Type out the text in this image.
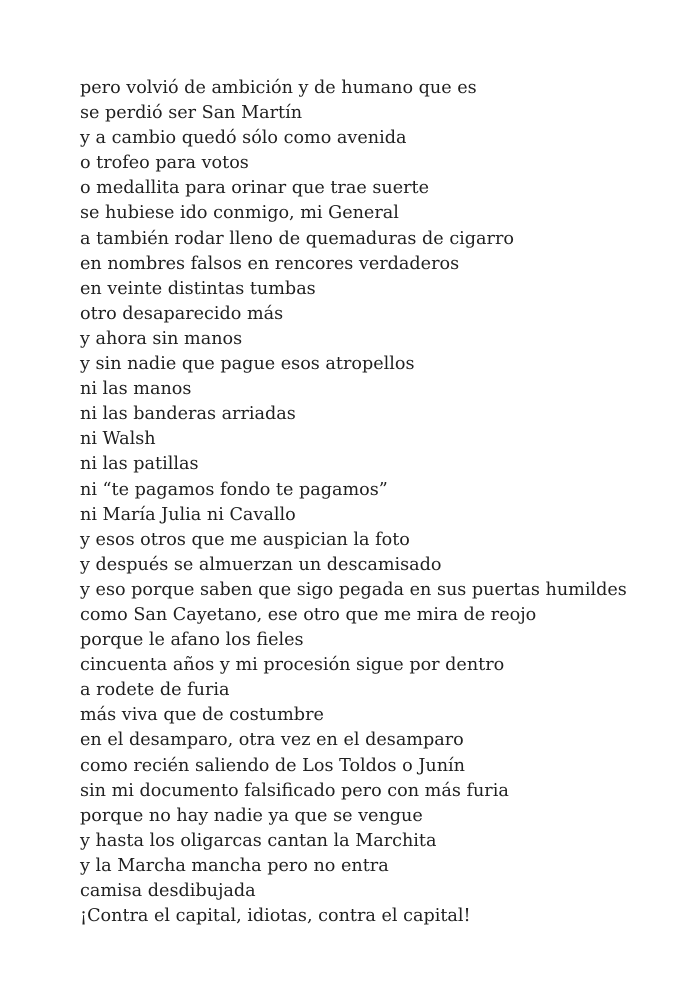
pero volvió de ambición y de humano que es
se perdió ser San Martín
y a cambio quedó sólo como avenida
o trofeo para votos
o medallita para orinar que trae suerte
se hubiese ido conmigo, mi General
a también rodar lleno de quemaduras de cigarro
en nombres falsos en rencores verdaderos
en veinte distintas tumbas
otro desaparecido más
y ahora sin manos
y sin nadie que pague esos atropellos
ni las manos
ni las banderas arriadas
ni Walsh
ni las patillas
ni “te pagamos fondo te pagamos”
ni María Julia ni Cavallo
y esos otros que me auspician la foto
y después se almuerzan un descamisado
y eso porque saben que sigo pegada en sus puertas humildes
como San Cayetano, ese otro que me mira de reojo
porque le afano los fieles
cincuenta años y mi procesión sigue por dentro
a rodete de furia
más viva que de costumbre
en el desamparo, otra vez en el desamparo
como recién saliendo de Los Toldos o Junín
sin mi documento falsificado pero con más furia
porque no hay nadie ya que se vengue
y hasta los oligarcas cantan la Marchita
y la Marcha mancha pero no entra
camisa desdibujada
¡Contra el capital, idiotas, contra el capital!
